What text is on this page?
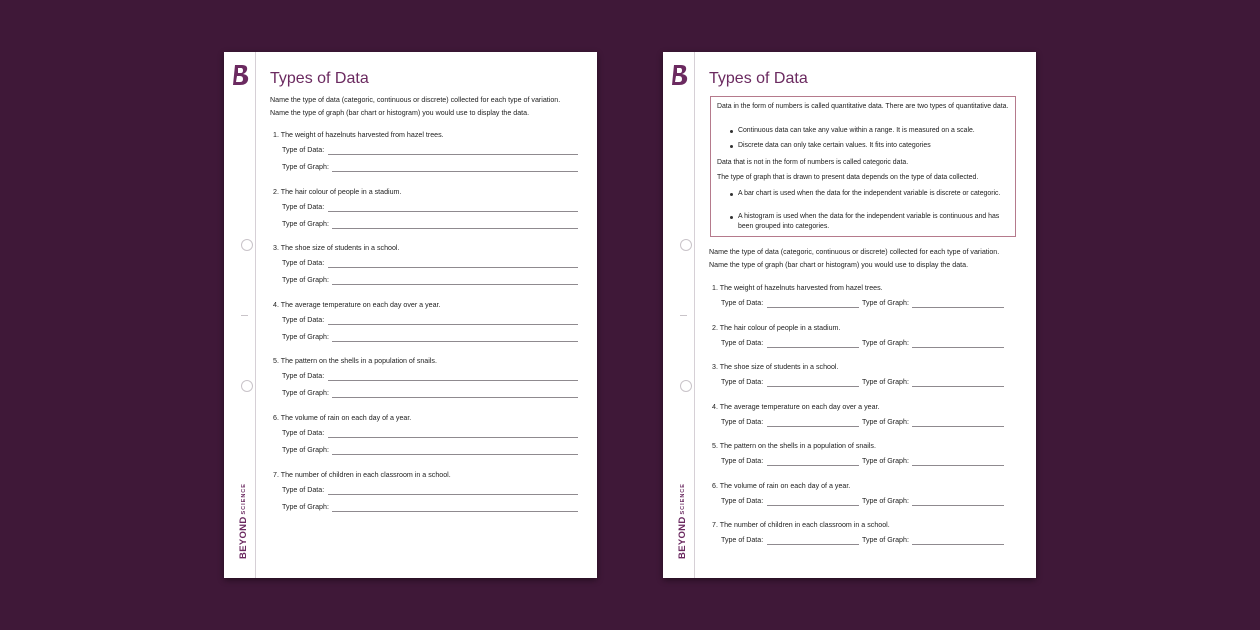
BEYONDSCIENCE
Types of Data
Name the type of data (categoric, continuous or discrete) collected for each type of variation.
Name the type of graph (bar chart or histogram) you would use to display the data.
1. The weight of hazelnuts harvested from hazel trees.
Type of Data:
Type of Graph:
2. The hair colour of people in a stadium.
Type of Data:
Type of Graph:
3. The shoe size of students in a school.
Type of Data:
Type of Graph:
4. The average temperature on each day over a year.
Type of Data:
Type of Graph:
5. The pattern on the shells in a population of snails.
Type of Data:
Type of Graph:
6. The volume of rain on each day of a year.
Type of Data:
Type of Graph:
7. The number of children in each classroom in a school.
Type of Data:
Type of Graph:
BEYONDSCIENCE
Types of Data
Data in the form of numbers is called quantitative data. There are two types of quantitative data.
Continuous data can take any value within a range. It is measured on a scale.
Discrete data can only take certain values. It fits into categories
Data that is not in the form of numbers is called categoric data.
The type of graph that is drawn to present data depends on the type of data collected.
A bar chart is used when the data for the independent variable is discrete or categoric.
A histogram is used when the data for the independent variable is continuous and has been grouped into categories.
Name the type of data (categoric, continuous or discrete) collected for each type of variation.
Name the type of graph (bar chart or histogram) you would use to display the data.
1. The weight of hazelnuts harvested from hazel trees.
Type of Data:	Type of Graph:
2. The hair colour of people in a stadium.
Type of Data:	Type of Graph:
3. The shoe size of students in a school.
Type of Data:	Type of Graph:
4. The average temperature on each day over a year.
Type of Data:	Type of Graph:
5. The pattern on the shells in a population of snails.
Type of Data:	Type of Graph:
6. The volume of rain on each day of a year.
Type of Data:	Type of Graph:
7. The number of children in each classroom in a school.
Type of Data:	Type of Graph:
